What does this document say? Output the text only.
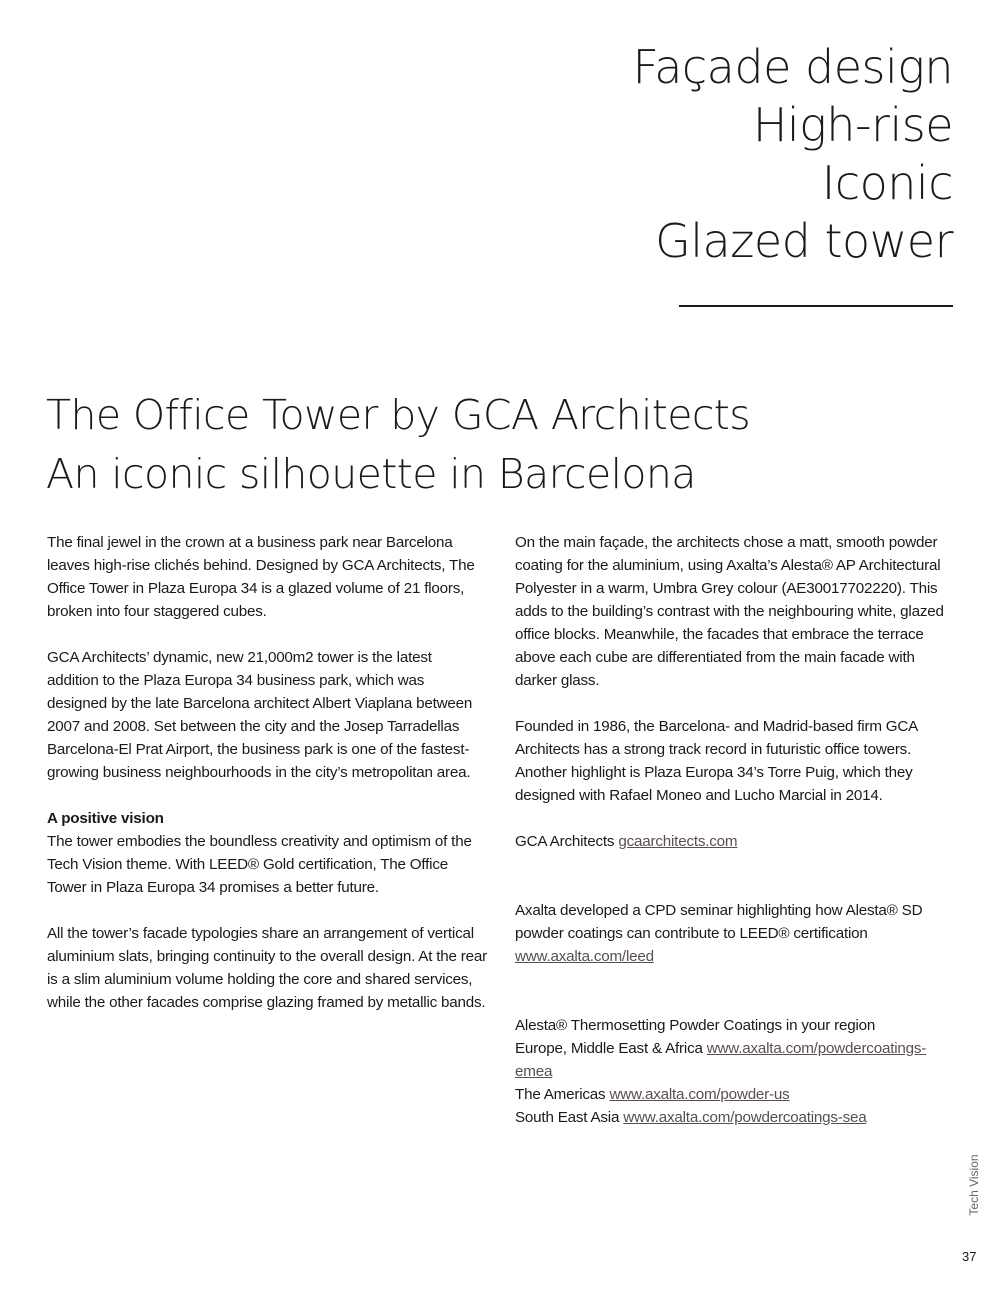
Façade design
High-rise
Iconic
Glazed tower
The Office Tower by GCA Architects
An iconic silhouette in Barcelona

The final jewel in the crown at a business park near Barcelona leaves high-rise clichés behind. Designed by GCA Architects, The Office Tower in Plaza Europa 34 is a glazed volume of 21 floors, broken into four staggered cubes.

GCA Architects’ dynamic, new 21,000m2 tower is the latest addition to the Plaza Europa 34 business park, which was designed by the late Barcelona architect Albert Viaplana between 2007 and 2008. Set between the city and the Josep Tarradellas Barcelona-El Prat Airport, the business park is one of the fastest-growing business neighbourhoods in the city’s metropolitan area.

A positive vision

The tower embodies the boundless creativity and optimism of the Tech Vision theme. With LEED® Gold certification, The Office Tower in Plaza Europa 34 promises a better future.

All the tower’s facade typologies share an arrangement of vertical aluminium slats, bringing continuity to the overall design. At the rear is a slim aluminium volume holding the core and shared services, while the other facades comprise glazing framed by metallic bands.

On the main façade, the architects chose a matt, smooth powder coating for the aluminium, using Axalta’s Alesta® AP Architectural Polyester in a warm, Umbra Grey colour (AE30017702220). This adds to the building’s contrast with the neighbouring white, glazed office blocks. Meanwhile, the facades that embrace the terrace above each cube are differentiated from the main facade with darker glass.

Founded in 1986, the Barcelona- and Madrid-based firm GCA Architects has a strong track record in futuristic office towers. Another highlight is Plaza Europa 34’s Torre Puig, which they designed with Rafael Moneo and Lucho Marcial in 2014.

GCA Architects gcaarchitects.com

Axalta developed a CPD seminar highlighting how Alesta® SD powder coatings can contribute to LEED® certification www.axalta.com/leed

Alesta® Thermosetting Powder Coatings in your region
Europe, Middle East & Africa www.axalta.com/powdercoatings-emea
The Americas www.axalta.com/powder-us
South East Asia www.axalta.com/powdercoatings-sea
Tech Vision
37
